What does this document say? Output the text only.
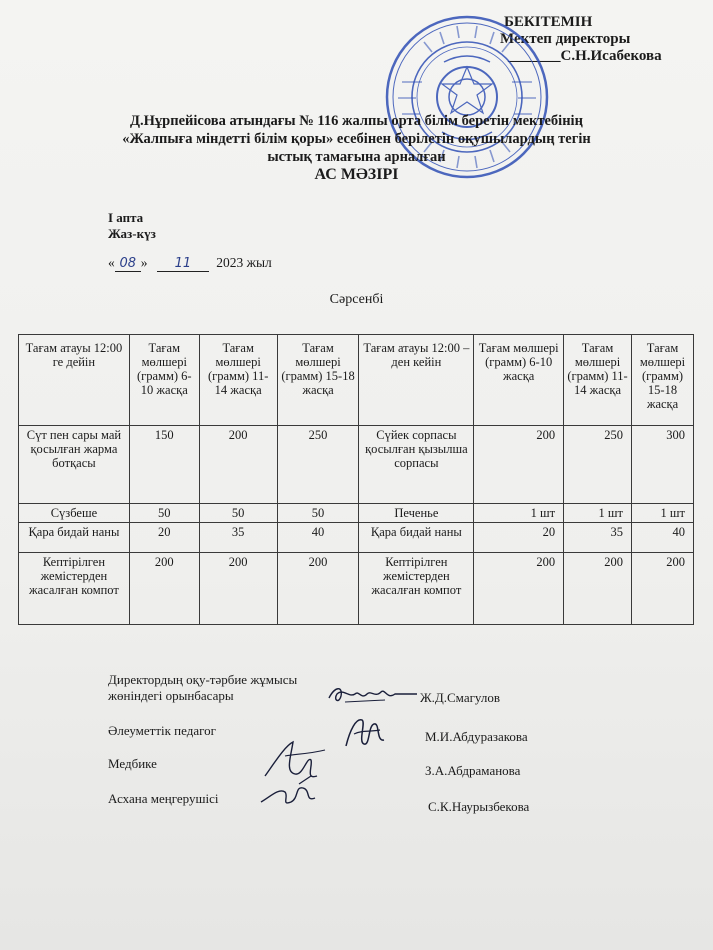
БЕКІТЕМІН
Мектеп директоры
_______С.Н.Исабекова
Д.Нұрпейісова атындағы № 116 жалпы орта білім беретін мектебінің
«Жалпыға міндетті білім қоры» есебінен берілетін оқушылардың тегін
ыстық тамағына арналған
АС МӘЗІРІ
І апта
Жаз-күз
« 08 » 11 2023 жыл
Сәрсенбі
Тағам атауы 12:00 ге дейін	Тағам мөлшері (грамм) 6-10 жасқа	Тағам мөлшері (грамм) 11-14 жасқа	Тағам мөлшері (грамм) 15-18 жасқа	Тағам атауы 12:00 – ден кейін	Тағам мөлшері (грамм) 6-10 жасқа	Тағам мөлшері (грамм) 11-14 жасқа	Тағам мөлшері (грамм) 15-18 жасқа
Сүт пен сары май қосылған жарма ботқасы	150	200	250	Сүйек сорпасы қосылған қызылша сорпасы	200	250	300
Сүзбеше	50	50	50	Печенье	1 шт	1 шт	1 шт
Қара бидай наны	20	35	40	Қара бидай наны	20	35	40
Кептірілген жемістерден жасалған компот	200	200	200	Кептірілген жемістерден жасалған компот	200	200	200
Директордың оқу-тәрбие жұмысы
жөніндегі орынбасары	Ж.Д.Смагулов
Әлеуметтік педагог	М.И.Абдуразакова
Медбике	З.А.Абдраманова
Асхана меңгерушісі
С.К.Наурызбекова
